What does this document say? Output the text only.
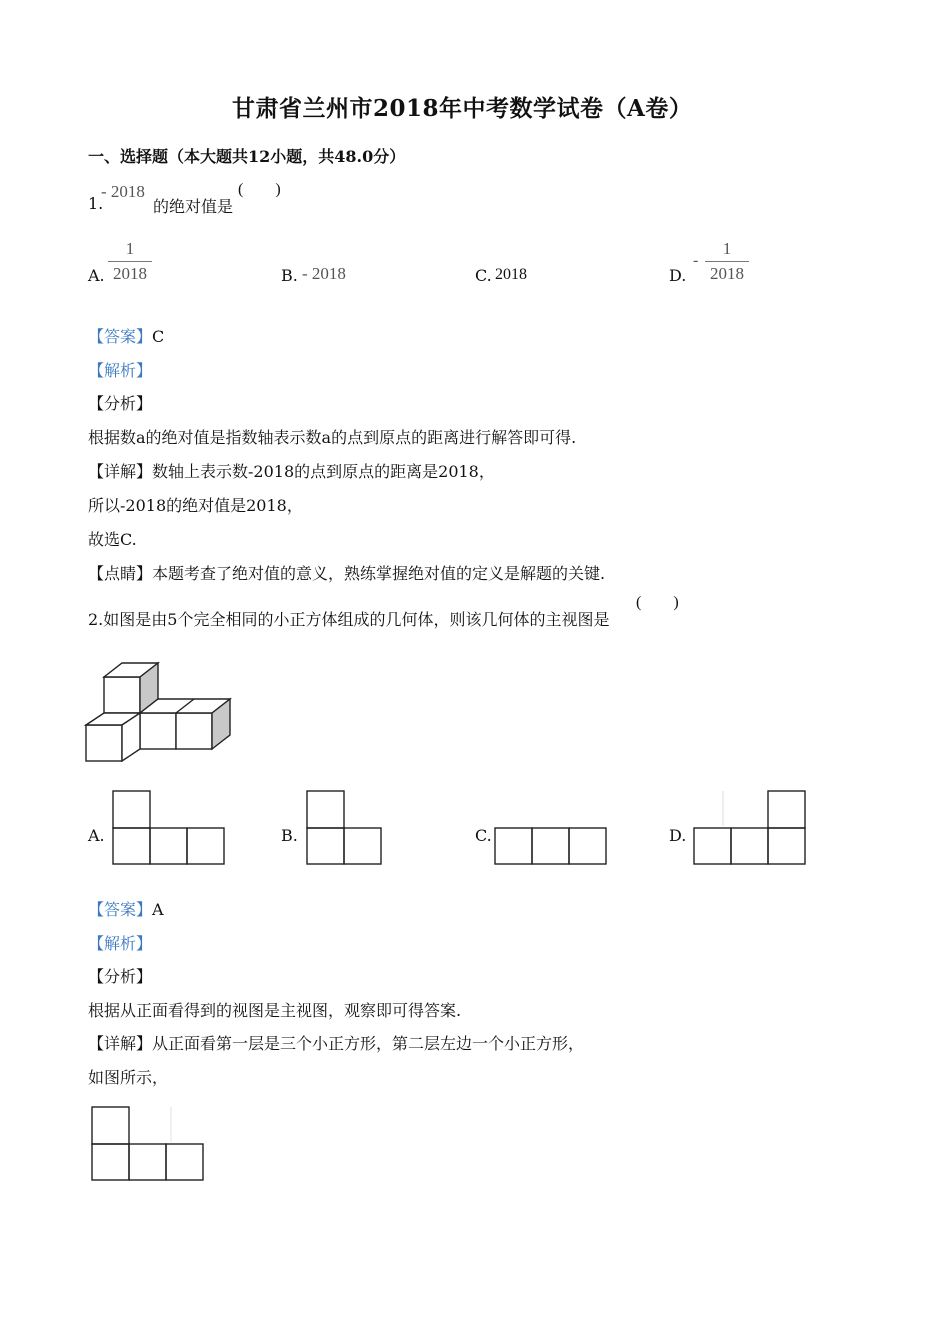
甘肃省兰州市2018年中考数学试卷（A卷）
一、选择题（本大题共12小题，共48.0分）
1.
- 2018
的绝对值是
(        )
A.
1
2018	B. - 2018	C. 2018	D.
-
1
2018
【答案】C
【解析】
【分析】
根据数a的绝对值是指数轴表示数a的点到原点的距离进行解答即可得.
【详解】数轴上表示数-2018的点到原点的距离是2018，
所以-2018的绝对值是2018，
故选C.
【点睛】本题考查了绝对值的意义，熟练掌握绝对值的定义是解题的关键.
2.如图是由5个完全相同的小正方体组成的几何体，则该几何体的主视图是
(        )
A.	B.	C.	D.
【答案】A
【解析】
【分析】
根据从正面看得到的视图是主视图，观察即可得答案.
【详解】从正面看第一层是三个小正方形，第二层左边一个小正方形，
如图所示，
